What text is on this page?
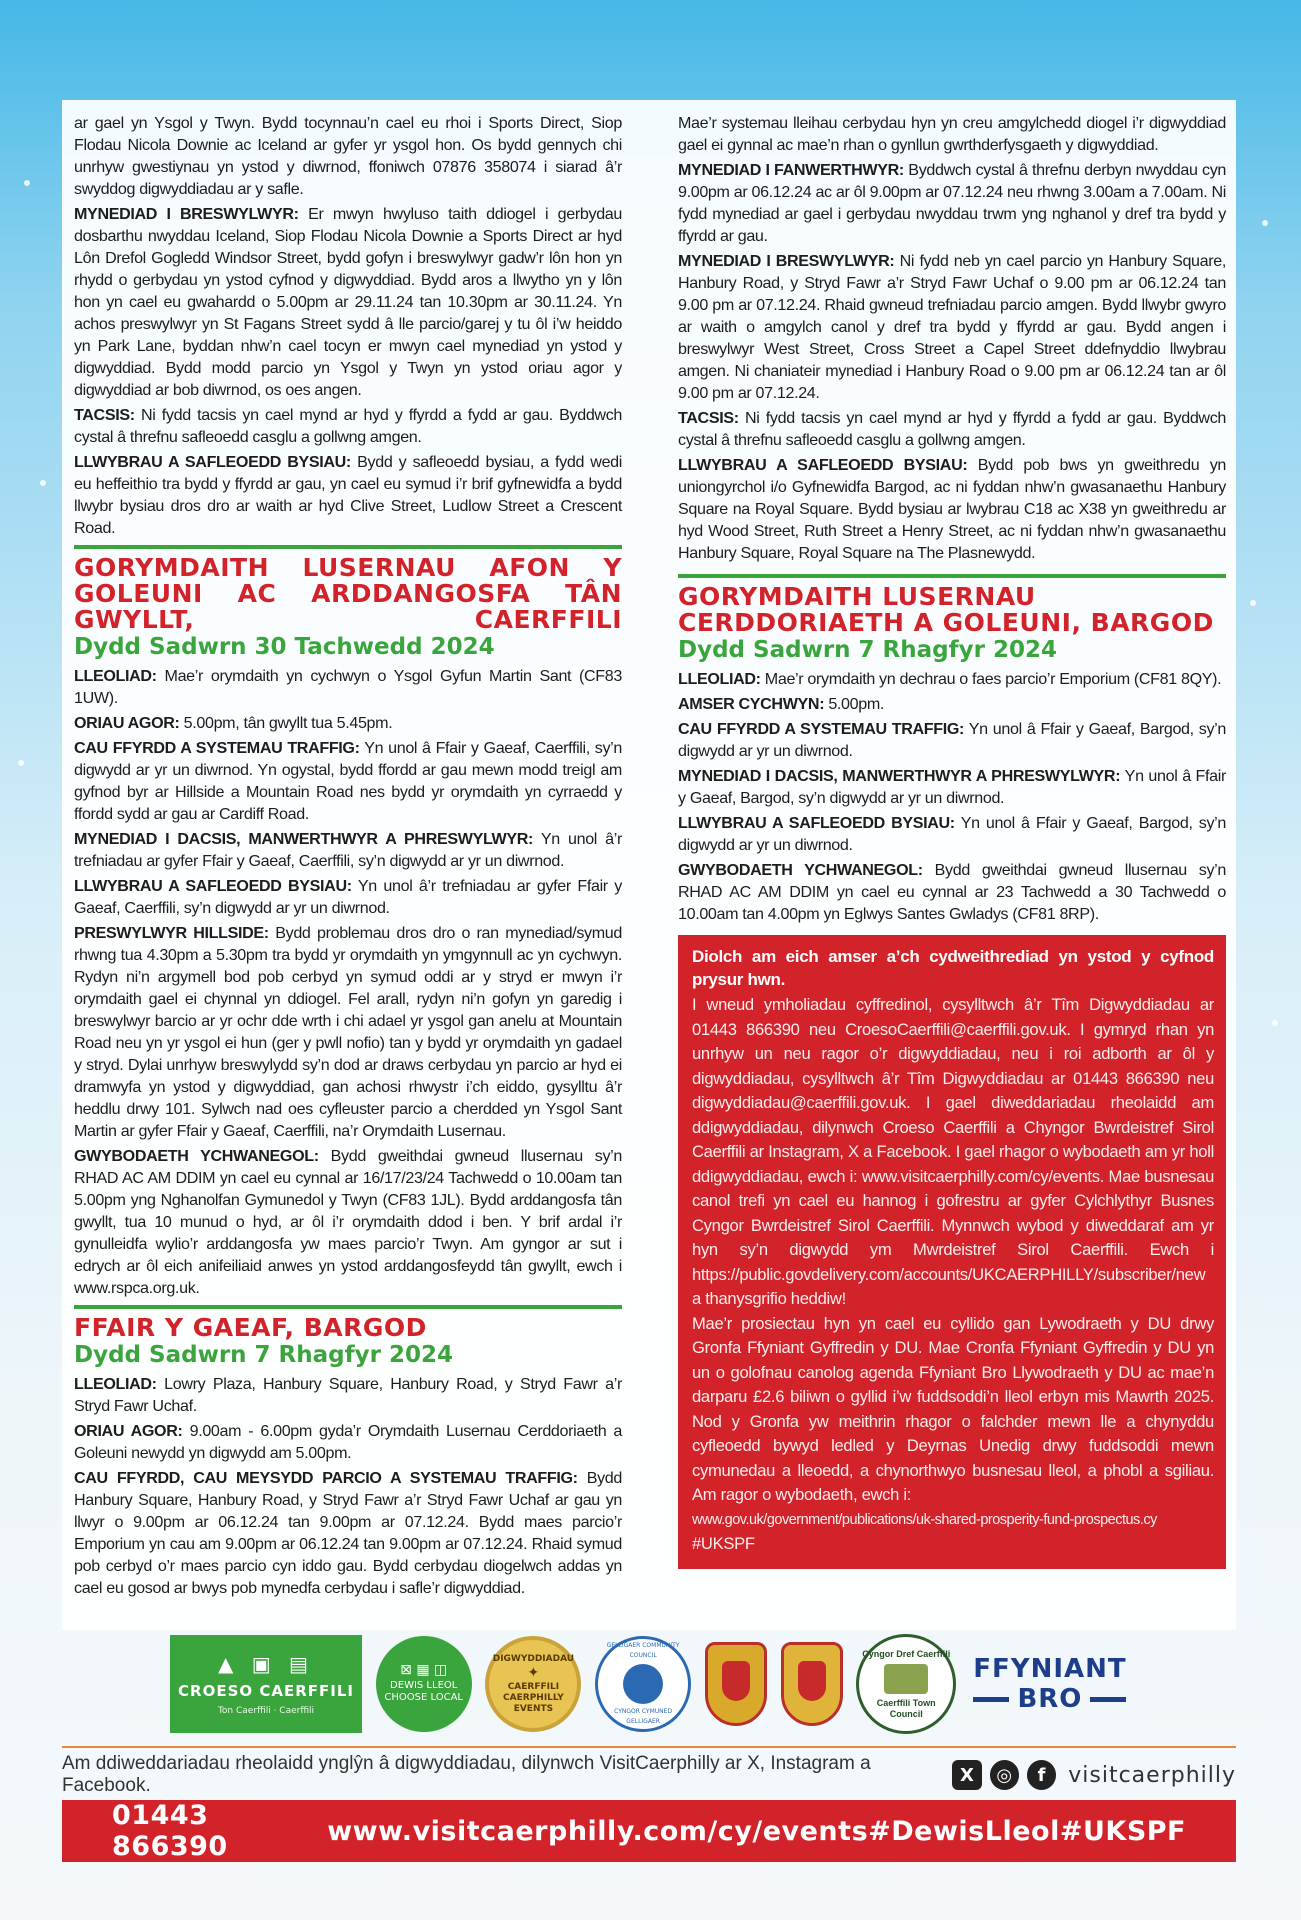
ar gael yn Ysgol y Twyn. Bydd tocynnau’n cael eu rhoi i Sports Direct, Siop Flodau Nicola Downie ac Iceland ar gyfer yr ysgol hon. Os bydd gennych chi unrhyw gwestiynau yn ystod y diwrnod, ffoniwch 07876 358074 i siarad â’r swyddog digwyddiadau ar y safle.

MYNEDIAD I BRESWYLWYR: Er mwyn hwyluso taith ddiogel i gerbydau dosbarthu nwyddau Iceland, Siop Flodau Nicola Downie a Sports Direct ar hyd Lôn Drefol Gogledd Windsor Street, bydd gofyn i breswylwyr gadw’r lôn hon yn rhydd o gerbydau yn ystod cyfnod y digwyddiad. Bydd aros a llwytho yn y lôn hon yn cael eu gwahardd o 5.00pm ar 29.11.24 tan 10.30pm ar 30.11.24. Yn achos preswylwyr yn St Fagans Street sydd â lle parcio/garej y tu ôl i’w heiddo yn Park Lane, byddan nhw’n cael tocyn er mwyn cael mynediad yn ystod y digwyddiad. Bydd modd parcio yn Ysgol y Twyn yn ystod oriau agor y digwyddiad ar bob diwrnod, os oes angen.

TACSIS: Ni fydd tacsis yn cael mynd ar hyd y ffyrdd a fydd ar gau. Byddwch cystal â threfnu safleoedd casglu a gollwng amgen.

LLWYBRAU A SAFLEOEDD BYSIAU: Bydd y safleoedd bysiau, a fydd wedi eu heffeithio tra bydd y ffyrdd ar gau, yn cael eu symud i’r brif gyfnewidfa a bydd llwybr bysiau dros dro ar waith ar hyd Clive Street, Ludlow Street a Crescent Road.

GORYMDAITH LUSERNAU AFON Y GOLEUNI AC ARDDANGOSFA TÂN GWYLLT, CAERFFILI
Dydd Sadwrn 30 Tachwedd 2024

LLEOLIAD: Mae’r orymdaith yn cychwyn o Ysgol Gyfun Martin Sant (CF83 1UW).

ORIAU AGOR: 5.00pm, tân gwyllt tua 5.45pm.

CAU FFYRDD A SYSTEMAU TRAFFIG: Yn unol â Ffair y Gaeaf, Caerffili, sy’n digwydd ar yr un diwrnod. Yn ogystal, bydd ffordd ar gau mewn modd treigl am gyfnod byr ar Hillside a Mountain Road nes bydd yr orymdaith yn cyrraedd y ffordd sydd ar gau ar Cardiff Road.

MYNEDIAD I DACSIS, MANWERTHWYR A PHRESWYLWYR: Yn unol â’r trefniadau ar gyfer Ffair y Gaeaf, Caerffili, sy’n digwydd ar yr un diwrnod.

LLWYBRAU A SAFLEOEDD BYSIAU: Yn unol â’r trefniadau ar gyfer Ffair y Gaeaf, Caerffili, sy’n digwydd ar yr un diwrnod.

PRESWYLWYR HILLSIDE: Bydd problemau dros dro o ran mynediad/symud rhwng tua 4.30pm a 5.30pm tra bydd yr orymdaith yn ymgynnull ac yn cychwyn. Rydyn ni’n argymell bod pob cerbyd yn symud oddi ar y stryd er mwyn i’r orymdaith gael ei chynnal yn ddiogel. Fel arall, rydyn ni’n gofyn yn garedig i breswylwyr barcio ar yr ochr dde wrth i chi adael yr ysgol gan anelu at Mountain Road neu yn yr ysgol ei hun (ger y pwll nofio) tan y bydd yr orymdaith yn gadael y stryd. Dylai unrhyw breswylydd sy’n dod ar draws cerbydau yn parcio ar hyd ei dramwyfa yn ystod y digwyddiad, gan achosi rhwystr i’ch eiddo, gysylltu â’r heddlu drwy 101. Sylwch nad oes cyfleuster parcio a cherdded yn Ysgol Sant Martin ar gyfer Ffair y Gaeaf, Caerffili, na’r Orymdaith Lusernau.

GWYBODAETH YCHWANEGOL: Bydd gweithdai gwneud llusernau sy’n RHAD AC AM DDIM yn cael eu cynnal ar 16/17/23/24 Tachwedd o 10.00am tan 5.00pm yng Nghanolfan Gymunedol y Twyn (CF83 1JL). Bydd arddangosfa tân gwyllt, tua 10 munud o hyd, ar ôl i’r orymdaith ddod i ben. Y brif ardal i’r gynulleidfa wylio’r arddangosfa yw maes parcio’r Twyn. Am gyngor ar sut i edrych ar ôl eich anifeiliaid anwes yn ystod arddangosfeydd tân gwyllt, ewch i www.rspca.org.uk.

FFAIR Y GAEAF, BARGOD
Dydd Sadwrn 7 Rhagfyr 2024

LLEOLIAD: Lowry Plaza, Hanbury Square, Hanbury Road, y Stryd Fawr a’r Stryd Fawr Uchaf.

ORIAU AGOR: 9.00am - 6.00pm gyda’r Orymdaith Lusernau Cerddoriaeth a Goleuni newydd yn digwydd am 5.00pm.

CAU FFYRDD, CAU MEYSYDD PARCIO A SYSTEMAU TRAFFIG: Bydd Hanbury Square, Hanbury Road, y Stryd Fawr a’r Stryd Fawr Uchaf ar gau yn llwyr o 9.00pm ar 06.12.24 tan 9.00pm ar 07.12.24. Bydd maes parcio’r Emporium yn cau am 9.00pm ar 06.12.24 tan 9.00pm ar 07.12.24. Rhaid symud pob cerbyd o’r maes parcio cyn iddo gau. Bydd cerbydau diogelwch addas yn cael eu gosod ar bwys pob mynedfa cerbydau i safle’r digwyddiad.

Mae’r systemau lleihau cerbydau hyn yn creu amgylchedd diogel i’r digwyddiad gael ei gynnal ac mae’n rhan o gynllun gwrthderfysgaeth y digwyddiad.

MYNEDIAD I FANWERTHWYR: Byddwch cystal â threfnu derbyn nwyddau cyn 9.00pm ar 06.12.24 ac ar ôl 9.00pm ar 07.12.24 neu rhwng 3.00am a 7.00am. Ni fydd mynediad ar gael i gerbydau nwyddau trwm yng nghanol y dref tra bydd y ffyrdd ar gau.

MYNEDIAD I BRESWYLWYR: Ni fydd neb yn cael parcio yn Hanbury Square, Hanbury Road, y Stryd Fawr a’r Stryd Fawr Uchaf o 9.00 pm ar 06.12.24 tan 9.00 pm ar 07.12.24. Rhaid gwneud trefniadau parcio amgen. Bydd llwybr gwyro ar waith o amgylch canol y dref tra bydd y ffyrdd ar gau. Bydd angen i breswylwyr West Street, Cross Street a Capel Street ddefnyddio llwybrau amgen. Ni chaniateir mynediad i Hanbury Road o 9.00 pm ar 06.12.24 tan ar ôl 9.00 pm ar 07.12.24.

TACSIS: Ni fydd tacsis yn cael mynd ar hyd y ffyrdd a fydd ar gau. Byddwch cystal â threfnu safleoedd casglu a gollwng amgen.

LLWYBRAU A SAFLEOEDD BYSIAU: Bydd pob bws yn gweithredu yn uniongyrchol i/o Gyfnewidfa Bargod, ac ni fyddan nhw’n gwasanaethu Hanbury Square na Royal Square. Bydd bysiau ar lwybrau C18 ac X38 yn gweithredu ar hyd Wood Street, Ruth Street a Henry Street, ac ni fyddan nhw’n gwasanaethu Hanbury Square, Royal Square na The Plasnewydd.

GORYMDAITH LUSERNAU CERDDORIAETH A GOLEUNI, BARGOD
Dydd Sadwrn 7 Rhagfyr 2024

LLEOLIAD: Mae’r orymdaith yn dechrau o faes parcio’r Emporium (CF81 8QY).

AMSER CYCHWYN: 5.00pm.

CAU FFYRDD A SYSTEMAU TRAFFIG: Yn unol â Ffair y Gaeaf, Bargod, sy’n digwydd ar yr un diwrnod.

MYNEDIAD I DACSIS, MANWERTHWYR A PHRESWYLWYR: Yn unol â Ffair y Gaeaf, Bargod, sy’n digwydd ar yr un diwrnod.

LLWYBRAU A SAFLEOEDD BYSIAU: Yn unol â Ffair y Gaeaf, Bargod, sy’n digwydd ar yr un diwrnod.

GWYBODAETH YCHWANEGOL: Bydd gweithdai gwneud llusernau sy’n RHAD AC AM DDIM yn cael eu cynnal ar 23 Tachwedd a 30 Tachwedd o 10.00am tan 4.00pm yn Eglwys Santes Gwladys (CF81 8RP).

Diolch am eich amser a’ch cydweithrediad yn ystod y cyfnod prysur hwn.

I wneud ymholiadau cyffredinol, cysylltwch â’r Tîm Digwyddiadau ar 01443 866390 neu CroesoCaerffili@caerffili.gov.uk. I gymryd rhan yn unrhyw un neu ragor o’r digwyddiadau, neu i roi adborth ar ôl y digwyddiadau, cysylltwch â’r Tîm Digwyddiadau ar 01443 866390 neu digwyddiadau@caerffili.gov.uk. I gael diweddariadau rheolaidd am ddigwyddiadau, dilynwch Croeso Caerffili a Chyngor Bwrdeistref Sirol Caerffili ar Instagram, X a Facebook. I gael rhagor o wybodaeth am yr holl ddigwyddiadau, ewch i: www.visitcaerphilly.com/cy/events. Mae busnesau canol trefi yn cael eu hannog i gofrestru ar gyfer Cylchlythyr Busnes Cyngor Bwrdeistref Sirol Caerffili. Mynnwch wybod y diweddaraf am yr hyn sy’n digwydd ym Mwrdeistref Sirol Caerffili. Ewch i https://public.govdelivery.com/accounts/UKCAERPHILLY/subscriber/new a thanysgrifio heddiw!

Mae’r prosiectau hyn yn cael eu cyllido gan Lywodraeth y DU drwy Gronfa Ffyniant Gyffredin y DU. Mae Cronfa Ffyniant Gyffredin y DU yn un o golofnau canolog agenda Ffyniant Bro Llywodraeth y DU ac mae’n darparu £2.6 biliwn o gyllid i’w fuddsoddi’n lleol erbyn mis Mawrth 2025. Nod y Gronfa yw meithrin rhagor o falchder mewn lle a chynyddu cyfleoedd bywyd ledled y Deyrnas Unedig drwy fuddsoddi mewn cymunedau a lleoedd, a chynorthwyo busnesau lleol, a phobl a sgiliau. Am ragor o wybodaeth, ewch i:

www.gov.uk/government/publications/uk-shared-prosperity-fund-prospectus.cy

#UKSPF

▲ ▣ ▤
CROESO CAERFFILI
Ton Caerffili · Caerffili
⊠ ▦ ◫
DEWIS LLEOL
CHOOSE LOCAL
DIGWYDDIADAU
✦
CAERFFILI
CAERPHILLY EVENTS
GELLIGAER COMMUNITY COUNCIL
CYNGOR CYMUNED GELLIGAER
Cyngor Dref Caerffili
Caerffili Town Council
FFYNIANT
BRO
Am ddiweddariadau rheolaidd ynglŷn â digwyddiadau, dilynwch VisitCaerphilly ar X, Instagram a Facebook.	X	◎	f	visitcaerphilly
01443 866390	www.visitcaerphilly.com/cy/events #DewisLleol #UKSPF
